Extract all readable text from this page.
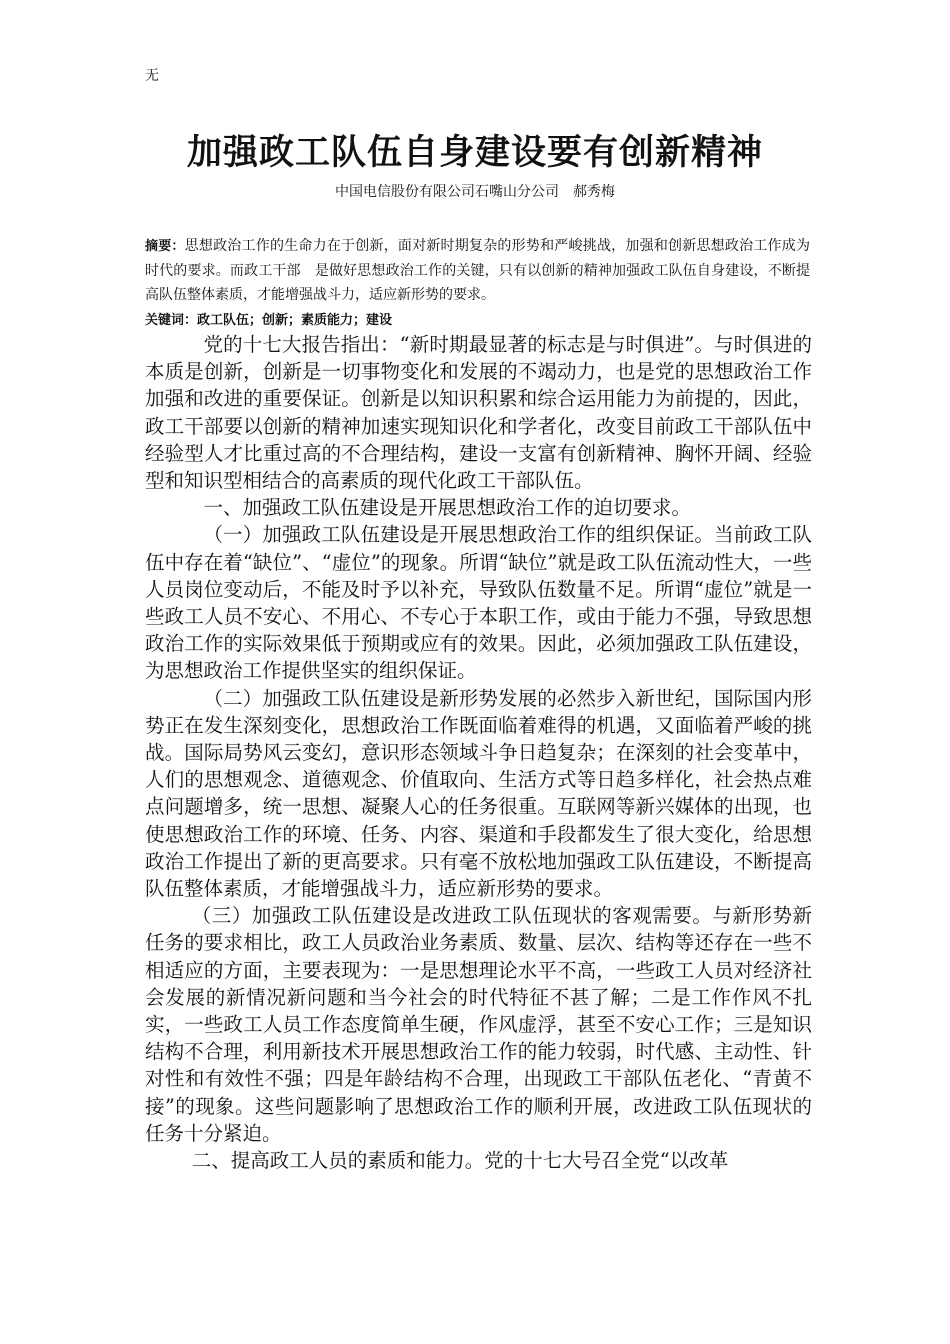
无
加强政工队伍自身建设要有创新精神
中国电信股份有限公司石嘴山分公司　郝秀梅
摘要：思想政治工作的生命力在于创新，面对新时期复杂的形势和严峻挑战，加强和创新思想政治工作成为时代的要求。而政工干部　是做好思想政治工作的关键，只有以创新的精神加强政工队伍自身建设，不断提高队伍整体素质，才能增强战斗力，适应新形势的要求。
关键词：政工队伍；创新；素质能力；建设

党的十七大报告指出：“新时期最显著的标志是与时俱进”。与时俱进的本质是创新，创新是一切事物变化和发展的不竭动力，也是党的思想政治工作加强和改进的重要保证。创新是以知识积累和综合运用能力为前提的，因此，政工干部要以创新的精神加速实现知识化和学者化，改变目前政工干部队伍中经验型人才比重过高的不合理结构，建设一支富有创新精神、胸怀开阔、经验型和知识型相结合的高素质的现代化政工干部队伍。

一、加强政工队伍建设是开展思想政治工作的迫切要求。

（一）加强政工队伍建设是开展思想政治工作的组织保证。当前政工队伍中存在着“缺位”、“虚位”的现象。所谓“缺位”就是政工队伍流动性大，一些人员岗位变动后，不能及时予以补充，导致队伍数量不足。所谓“虚位”就是一些政工人员不安心、不用心、不专心于本职工作，或由于能力不强，导致思想政治工作的实际效果低于预期或应有的效果。因此，必须加强政工队伍建设，为思想政治工作提供坚实的组织保证。

（二）加强政工队伍建设是新形势发展的必然步入新世纪，国际国内形势正在发生深刻变化，思想政治工作既面临着难得的机遇，又面临着严峻的挑战。国际局势风云变幻，意识形态领域斗争日趋复杂；在深刻的社会变革中，人们的思想观念、道德观念、价值取向、生活方式等日趋多样化，社会热点难点问题增多，统一思想、凝聚人心的任务很重。互联网等新兴媒体的出现，也使思想政治工作的环境、任务、内容、渠道和手段都发生了很大变化，给思想政治工作提出了新的更高要求。只有毫不放松地加强政工队伍建设，不断提高队伍整体素质，才能增强战斗力，适应新形势的要求。

（三）加强政工队伍建设是改进政工队伍现状的客观需要。与新形势新任务的要求相比，政工人员政治业务素质、数量、层次、结构等还存在一些不相适应的方面，主要表现为：一是思想理论水平不高，一些政工人员对经济社会发展的新情况新问题和当今社会的时代特征不甚了解；二是工作作风不扎实，一些政工人员工作态度简单生硬，作风虚浮，甚至不安心工作；三是知识结构不合理，利用新技术开展思想政治工作的能力较弱，时代感、主动性、针对性和有效性不强；四是年龄结构不合理，出现政工干部队伍老化、“青黄不接”的现象。这些问题影响了思想政治工作的顺利开展，改进政工队伍现状的任务十分紧迫。

二、提高政工人员的素质和能力。党的十七大号召全党“以改革
